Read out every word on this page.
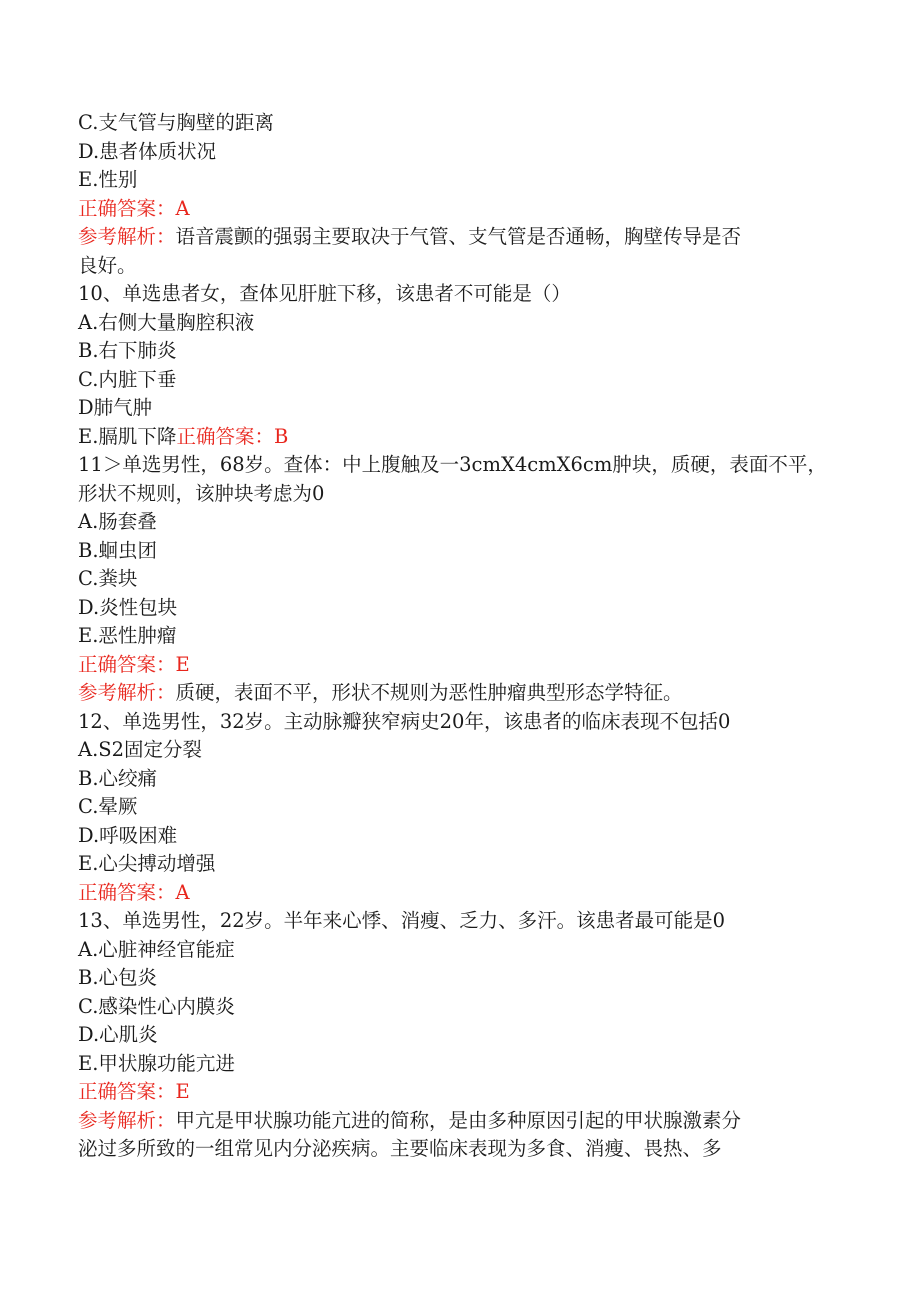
C.支气管与胸壁的距离
D.患者体质状况
E.性别
正确答案：A
参考解析：语音震颤的强弱主要取决于气管、支气管是否通畅，胸壁传导是否
良好。
10、单选患者女，查体见肝脏下移，该患者不可能是（）
A.右侧大量胸腔积液
B.右下肺炎
C.内脏下垂
D肺气肿
E.膈肌下降正确答案：B
11＞单选男性，68岁。查体：中上腹触及一3cmX4cmX6cm肿块，质硬，表面不平，
形状不规则，该肿块考虑为0
A.肠套叠
B.蛔虫团
C.粪块
D.炎性包块
E.恶性肿瘤
正确答案：E
参考解析：质硬，表面不平，形状不规则为恶性肿瘤典型形态学特征。
12、单选男性，32岁。主动脉瓣狭窄病史20年，该患者的临床表现不包括0
A.S2固定分裂
B.心绞痛
C.晕厥
D.呼吸困难
E.心尖搏动增强
正确答案：A
13、单选男性，22岁。半年来心悸、消瘦、乏力、多汗。该患者最可能是0
A.心脏神经官能症
B.心包炎
C.感染性心内膜炎
D.心肌炎
E.甲状腺功能亢进
正确答案：E
参考解析：甲亢是甲状腺功能亢进的简称，是由多种原因引起的甲状腺激素分
泌过多所致的一组常见内分泌疾病。主要临床表现为多食、消瘦、畏热、多
